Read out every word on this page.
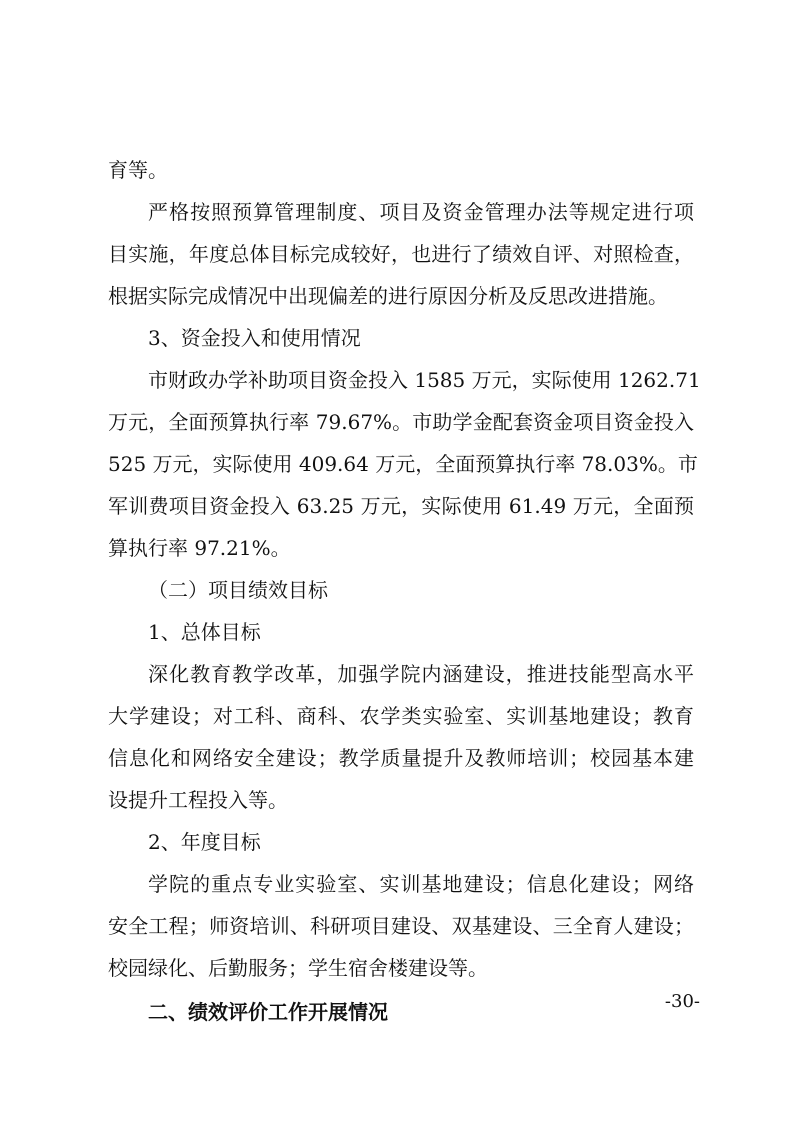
育等。
严格按照预算管理制度、项目及资金管理办法等规定进行项
目实施，年度总体目标完成较好，也进行了绩效自评、对照检查，
根据实际完成情况中出现偏差的进行原因分析及反思改进措施。
3、资金投入和使用情况
市财政办学补助项目资金投入 1585 万元，实际使用 1262.71
万元，全面预算执行率 79.67%。市助学金配套资金项目资金投入
525 万元，实际使用 409.64 万元，全面预算执行率 78.03%。市
军训费项目资金投入 63.25 万元，实际使用 61.49 万元，全面预
算执行率 97.21%。
（二）项目绩效目标
1、总体目标
深化教育教学改革，加强学院内涵建设，推进技能型高水平
大学建设；对工科、商科、农学类实验室、实训基地建设；教育
信息化和网络安全建设；教学质量提升及教师培训；校园基本建
设提升工程投入等。
2、年度目标
学院的重点专业实验室、实训基地建设；信息化建设；网络
安全工程；师资培训、科研项目建设、双基建设、三全育人建设；
校园绿化、后勤服务；学生宿舍楼建设等。
二、绩效评价工作开展情况	-30-
